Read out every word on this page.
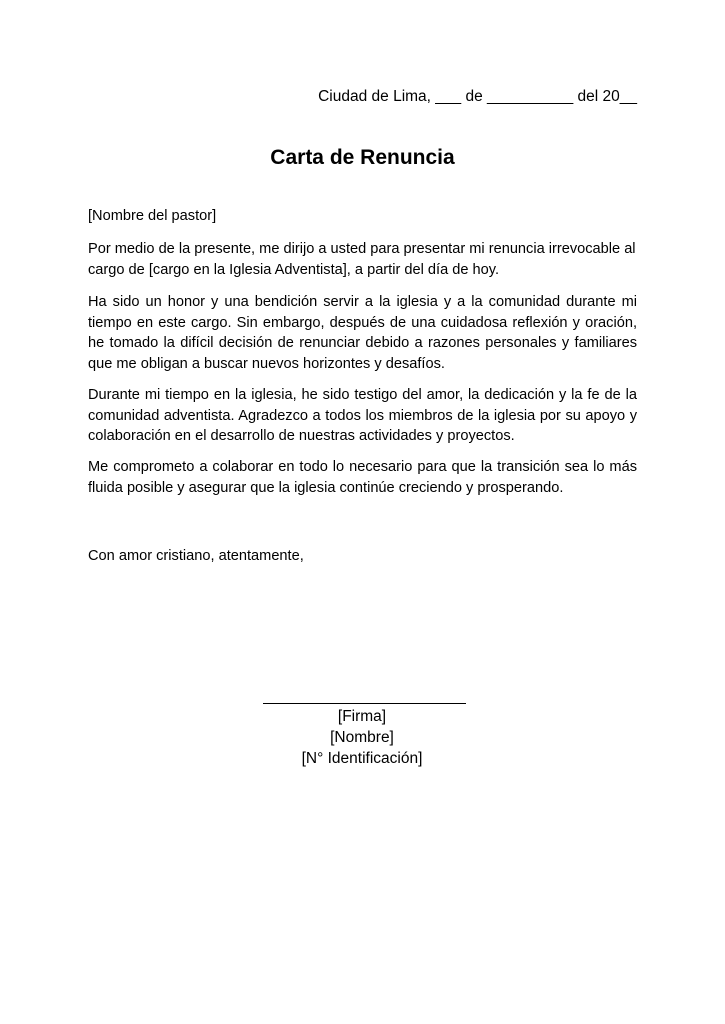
Ciudad de Lima, ___ de __________ del 20__
Carta de Renuncia
[Nombre del pastor]
Por medio de la presente, me dirijo a usted para presentar mi renuncia irrevocable al cargo de [cargo en la Iglesia Adventista], a partir del día de hoy.
Ha sido un honor y una bendición servir a la iglesia y a la comunidad durante mi tiempo en este cargo. Sin embargo, después de una cuidadosa reflexión y oración, he tomado la difícil decisión de renunciar debido a razones personales y familiares que me obligan a buscar nuevos horizontes y desafíos.
Durante mi tiempo en la iglesia, he sido testigo del amor, la dedicación y la fe de la comunidad adventista. Agradezco a todos los miembros de la iglesia por su apoyo y colaboración en el desarrollo de nuestras actividades y proyectos.
Me comprometo a colaborar en todo lo necesario para que la transición sea lo más fluida posible y asegurar que la iglesia continúe creciendo y prosperando.
Con amor cristiano, atentamente,
[Firma]
[Nombre]
[N° Identificación]
